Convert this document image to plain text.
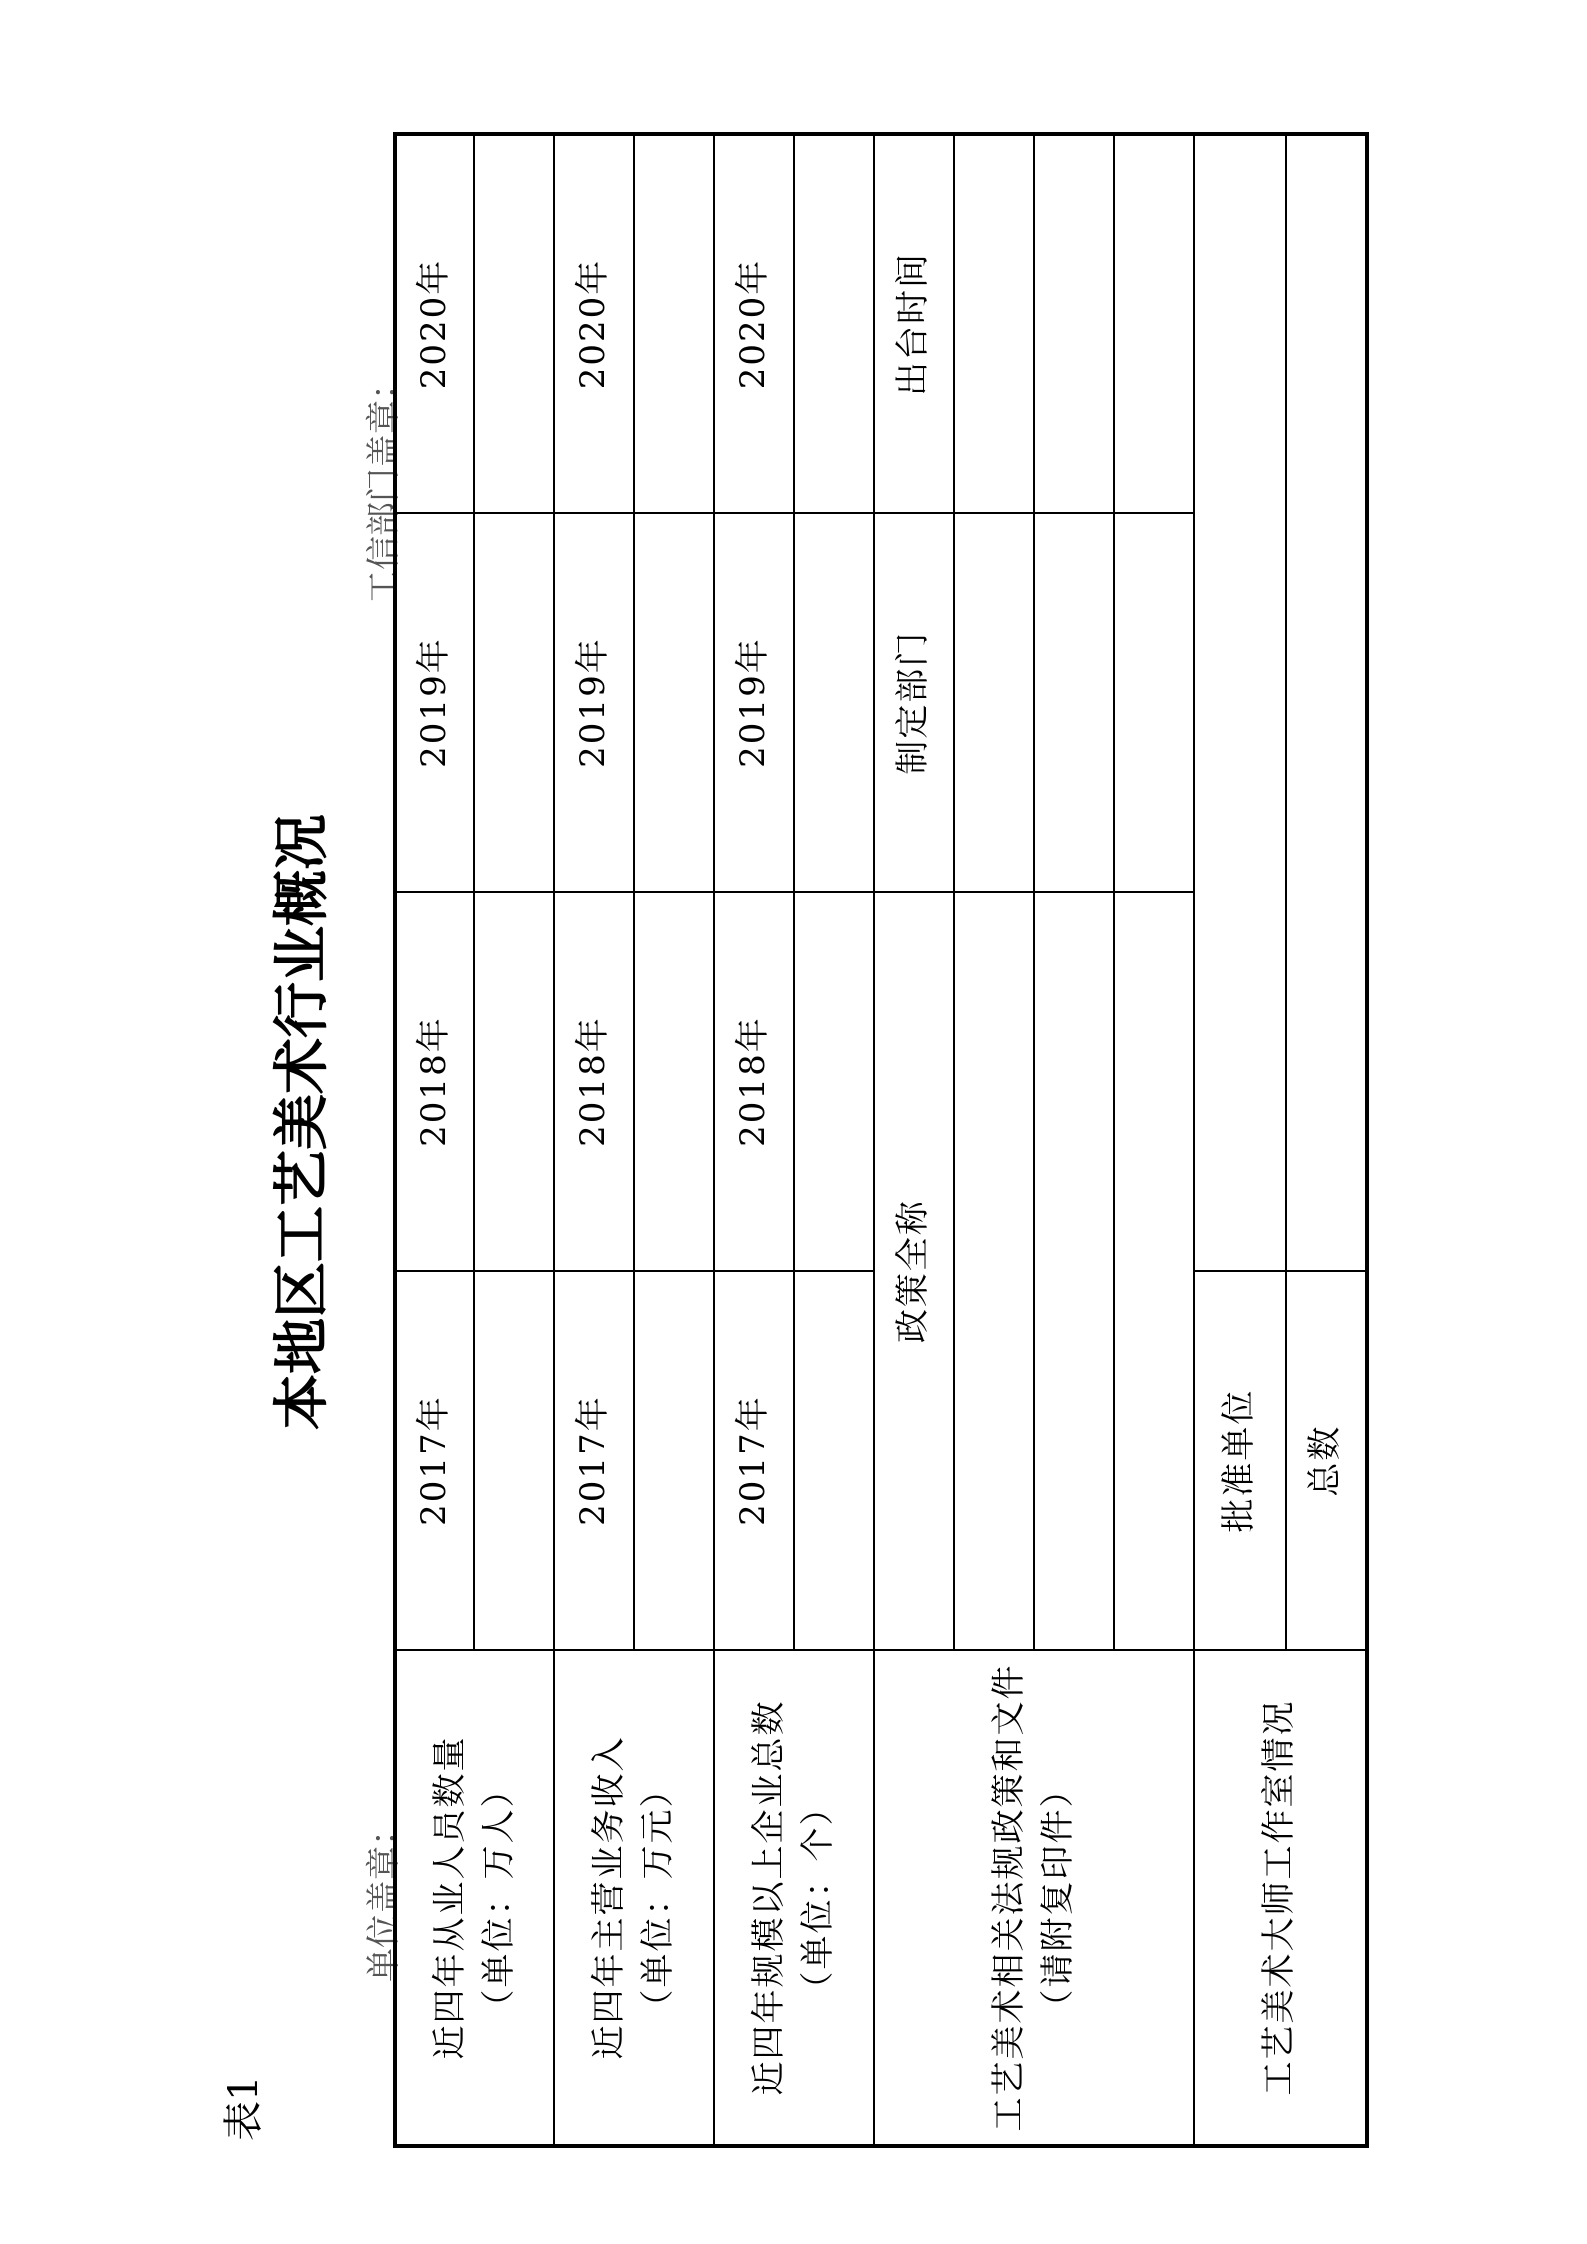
表1
本地区工艺美术行业概况
单位盖章：
工信部门盖章：
近四年从业人员数量
（单位：万人）	2017年	2018年	2019年	2020年

近四年主营业务收入
（单位：万元）	2017年	2018年	2019年	2020年

近四年规模以上企业总数
（单位：个）	2017年	2018年	2019年	2020年

工艺美术相关法规政策和文件（请附复印件）	政策全称		制定部门	出台时间

工艺美术大师工作室情况	批准单位			
	总数			
